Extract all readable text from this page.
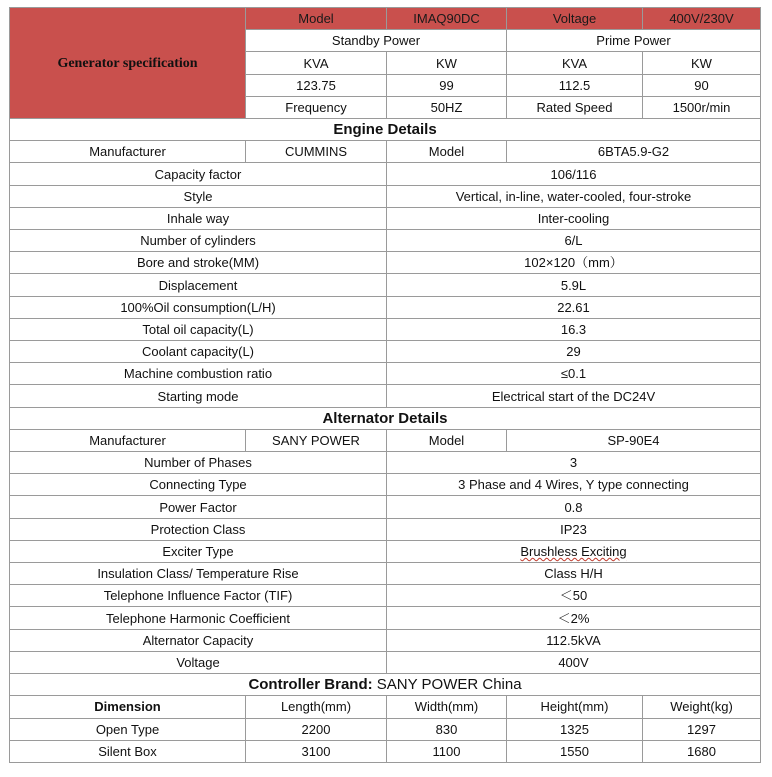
Generator specification	Model	IMAQ90DC	Voltage	400V/230V
	Standby Power		Prime Power	
	KVA	KW	KVA	KW
	123.75	99	112.5	90
	Frequency	50HZ	Rated Speed	1500r/min
Engine Details				
Manufacturer	CUMMINS	Model	6BTA5.9-G2	
Capacity factor		106/116		
Style		Vertical, in-line, water-cooled, four-stroke		
Inhale way		Inter-cooling		
Number of cylinders		6/L		
Bore and stroke(MM)		102×120（mm）		
Displacement		5.9L		
100%Oil consumption(L/H)		22.61		
Total oil capacity(L)		16.3		
Coolant capacity(L)		29		
Machine combustion ratio		≤0.1		
Starting mode		Electrical start of the DC24V		
Alternator Details				
Manufacturer	SANY POWER	Model	SP-90E4	
Number of Phases		3		
Connecting Type		3 Phase and 4 Wires, Y type connecting		
Power Factor		0.8		
Protection Class		IP23		
Exciter Type		Brushless Exciting		
Insulation Class/ Temperature Rise		Class H/H		
Telephone Influence Factor (TIF)		＜50		
Telephone Harmonic Coefficient		＜2%		
Alternator Capacity		112.5kVA		
Voltage		400V		
Controller Brand: SANY POWER China				
Dimension	Length(mm)	Width(mm)	Height(mm)	Weight(kg)
Open Type	2200	830	1325	1297
Silent Box	3100	1100	1550	1680
